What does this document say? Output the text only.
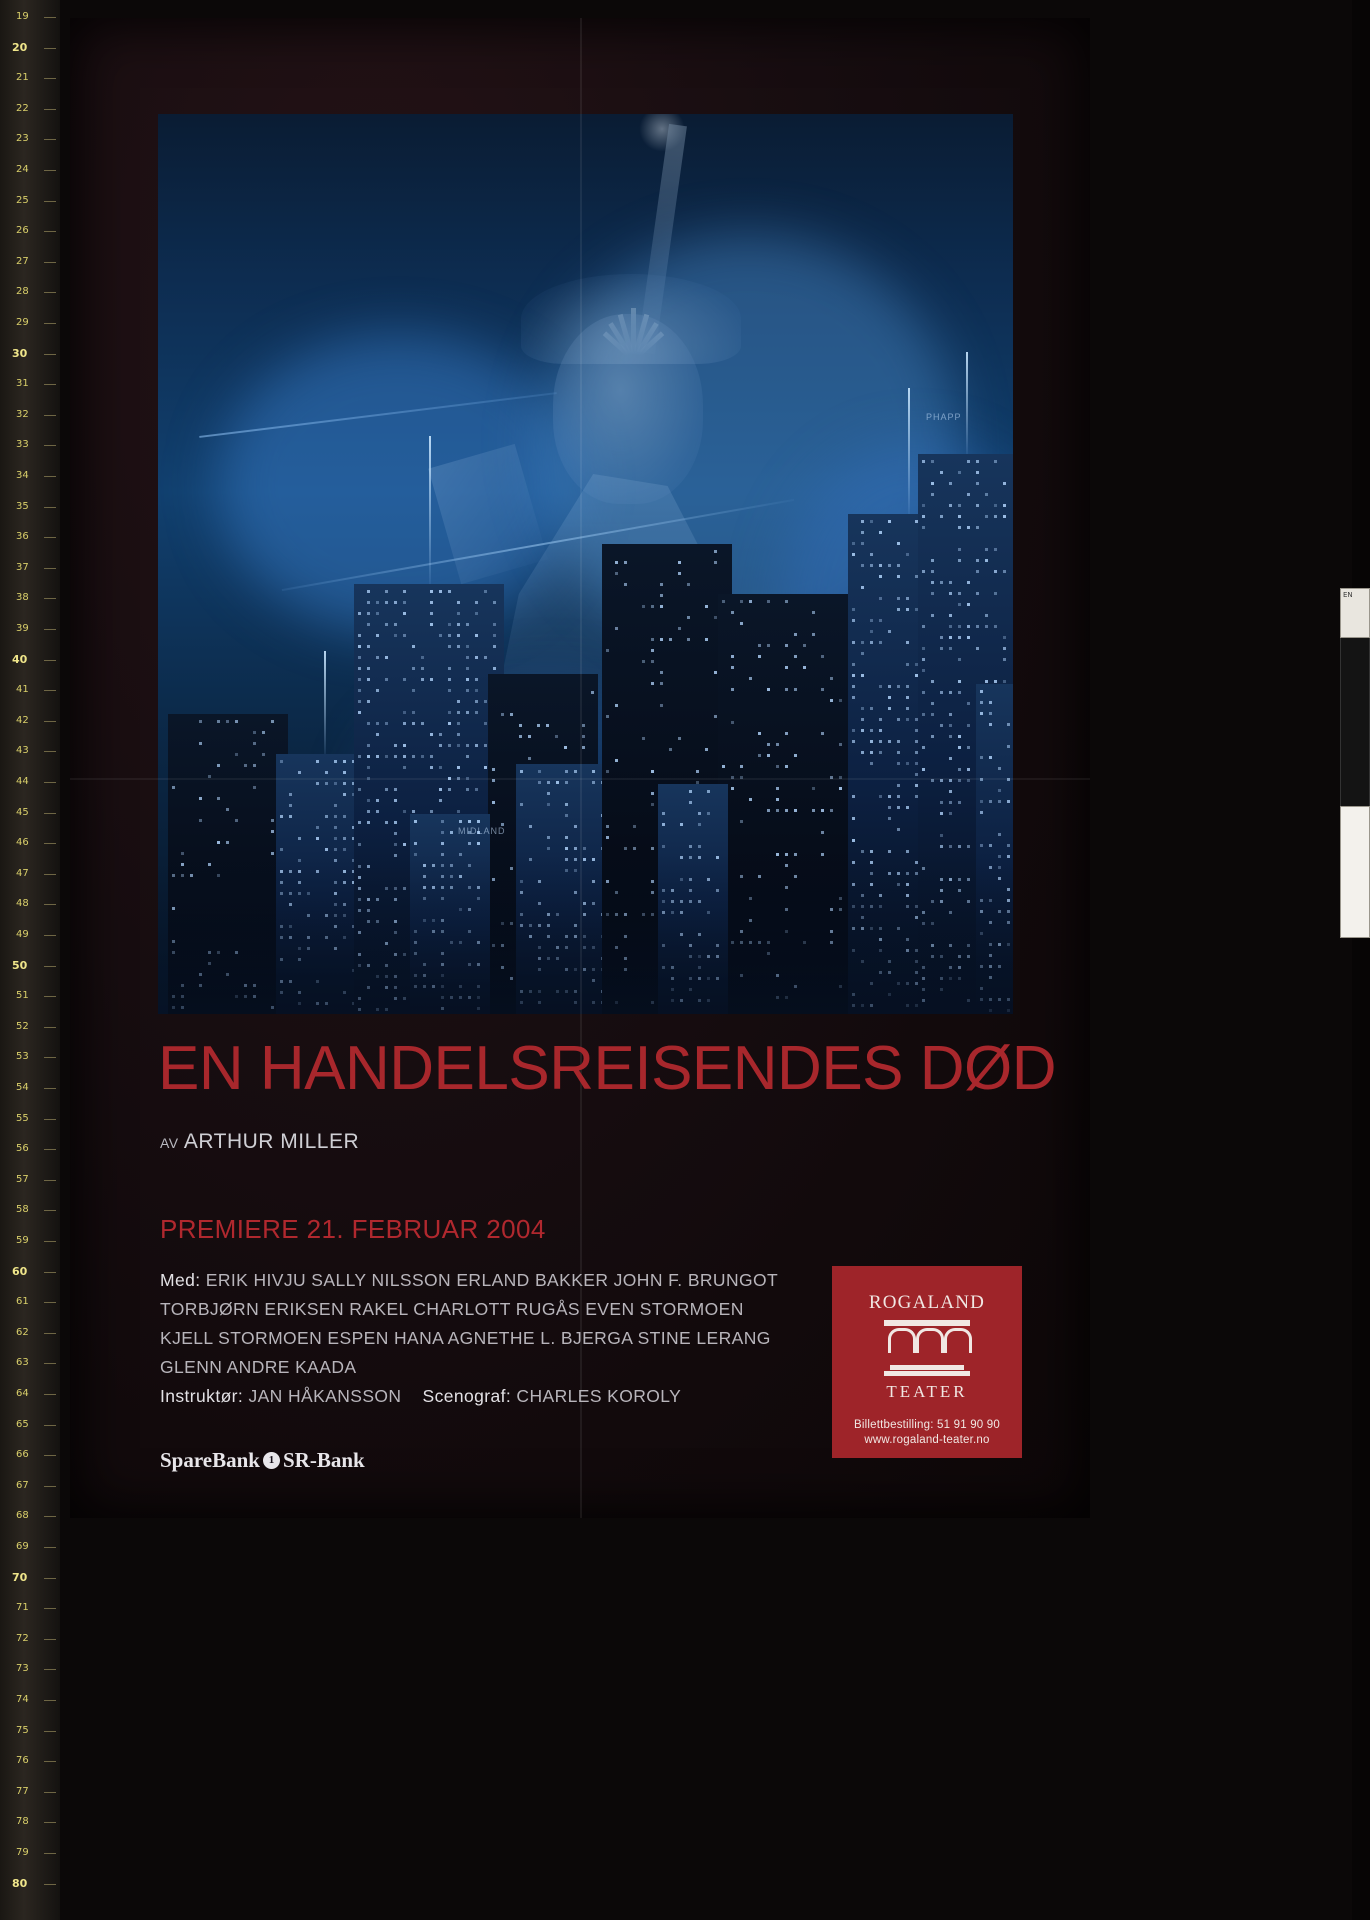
19
20
21
22
23
24
25
26
27
28
29
30
31
32
33
34
35
36
37
38
39
40
41
42
43
44
45
46
47
48
49
50
51
52
53
54
55
56
57
58
59
60
61
62
63
64
65
66
67
68
69
70
71
72
73
74
75
76
77
78
79
80
EN
MIDLAND
PHAPP
EN HANDELSREISENDES DØD
AV ARTHUR MILLER
PREMIERE 21. FEBRUAR 2004
Med: ERIK HIVJU SALLY NILSSON ERLAND BAKKER JOHN F. BRUNGOT
TORBJØRN ERIKSEN RAKEL CHARLOTT RUGÅS EVEN STORMOEN
KJELL STORMOEN ESPEN HANA AGNETHE L. BJERGA STINE LERANG
GLENN ANDRE KAADA
Instruktør: JAN HÅKANSSON Scenograf: CHARLES KOROLY
SpareBank 1 SR-Bank
ROGALAND
TEATER
Billettbestilling: 51 91 90 90
www.rogaland-teater.no
